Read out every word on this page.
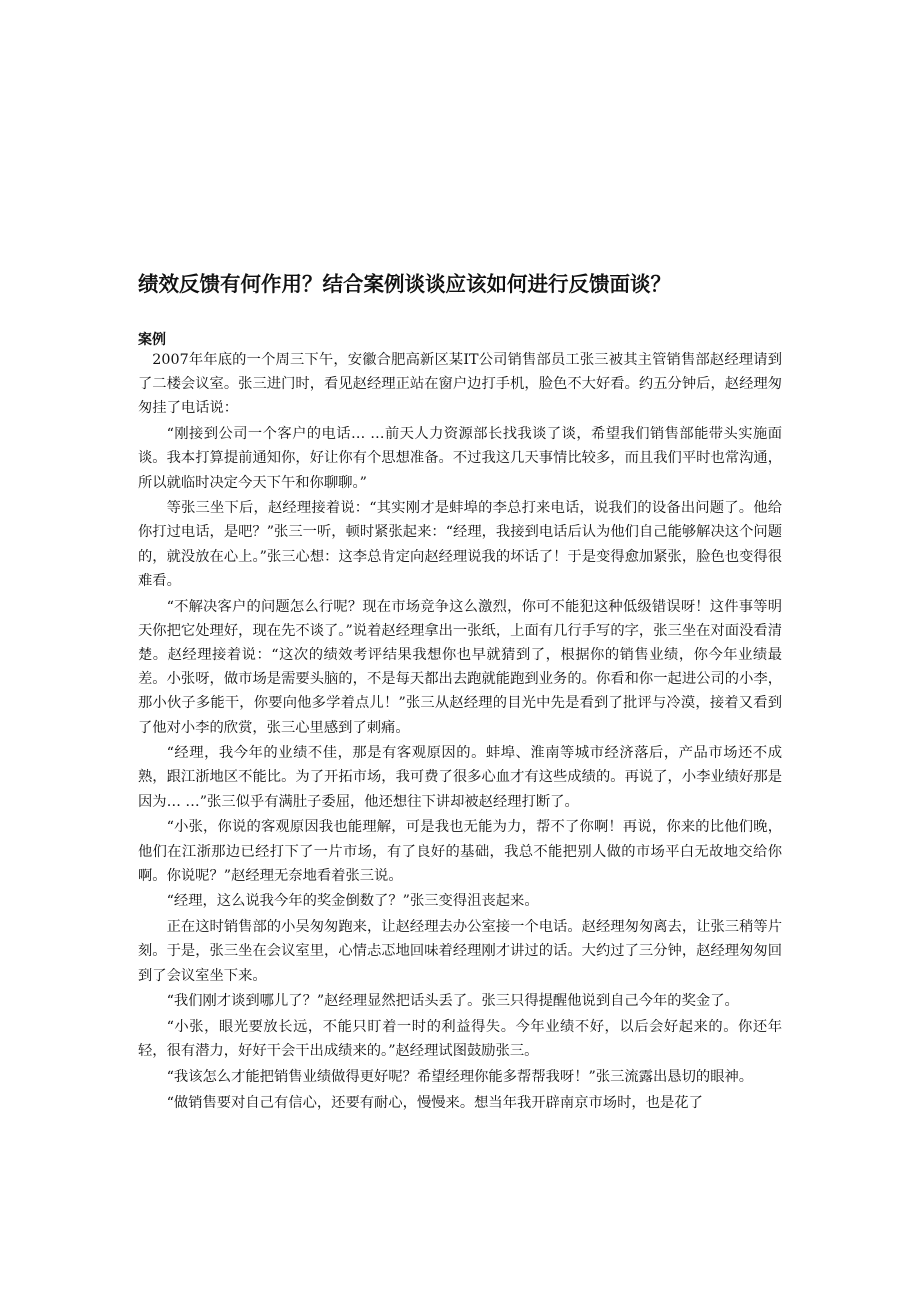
绩效反馈有何作用？结合案例谈谈应该如何进行反馈面谈？
案例

2007年年底的一个周三下午，安徽合肥高新区某IT公司销售部员工张三被其主管销售部赵经理请到了二楼会议室。张三进门时，看见赵经理正站在窗户边打手机，脸色不大好看。约五分钟后，赵经理匆匆挂了电话说：

“刚接到公司一个客户的电话… …前天人力资源部长找我谈了谈，希望我们销售部能带头实施面谈。我本打算提前通知你，好让你有个思想准备。不过我这几天事情比较多，而且我们平时也常沟通，所以就临时决定今天下午和你聊聊。”

等张三坐下后，赵经理接着说：“其实刚才是蚌埠的李总打来电话，说我们的设备出问题了。他给你打过电话，是吧？”张三一听，顿时紧张起来：“经理，我接到电话后认为他们自己能够解决这个问题的，就没放在心上。”张三心想：这李总肯定向赵经理说我的坏话了！于是变得愈加紧张，脸色也变得很难看。

“不解决客户的问题怎么行呢？现在市场竞争这么激烈，你可不能犯这种低级错误呀！这件事等明天你把它处理好，现在先不谈了。”说着赵经理拿出一张纸，上面有几行手写的字，张三坐在对面没看清楚。赵经理接着说：“这次的绩效考评结果我想你也早就猜到了，根据你的销售业绩，你今年业绩最差。小张呀，做市场是需要头脑的，不是每天都出去跑就能跑到业务的。你看和你一起进公司的小李，那小伙子多能干，你要向他多学着点儿！”张三从赵经理的目光中先是看到了批评与冷漠，接着又看到了他对小李的欣赏，张三心里感到了刺痛。

“经理，我今年的业绩不佳，那是有客观原因的。蚌埠、淮南等城市经济落后，产品市场还不成熟，跟江浙地区不能比。为了开拓市场，我可费了很多心血才有这些成绩的。再说了，小李业绩好那是因为… …”张三似乎有满肚子委屈，他还想往下讲却被赵经理打断了。

“小张，你说的客观原因我也能理解，可是我也无能为力，帮不了你啊！再说，你来的比他们晚，他们在江浙那边已经打下了一片市场，有了良好的基础，我总不能把别人做的市场平白无故地交给你啊。你说呢？”赵经理无奈地看着张三说。

“经理，这么说我今年的奖金倒数了？”张三变得沮丧起来。

正在这时销售部的小吴匆匆跑来，让赵经理去办公室接一个电话。赵经理匆匆离去，让张三稍等片刻。于是，张三坐在会议室里，心情忐忑地回味着经理刚才讲过的话。大约过了三分钟，赵经理匆匆回到了会议室坐下来。

“我们刚才谈到哪儿了？”赵经理显然把话头丢了。张三只得提醒他说到自己今年的奖金了。

“小张，眼光要放长远，不能只盯着一时的利益得失。今年业绩不好，以后会好起来的。你还年轻，很有潜力，好好干会干出成绩来的。”赵经理试图鼓励张三。

“我该怎么才能把销售业绩做得更好呢？希望经理你能多帮帮我呀！”张三流露出恳切的眼神。

“做销售要对自己有信心，还要有耐心，慢慢来。想当年我开辟南京市场时，也是花了
